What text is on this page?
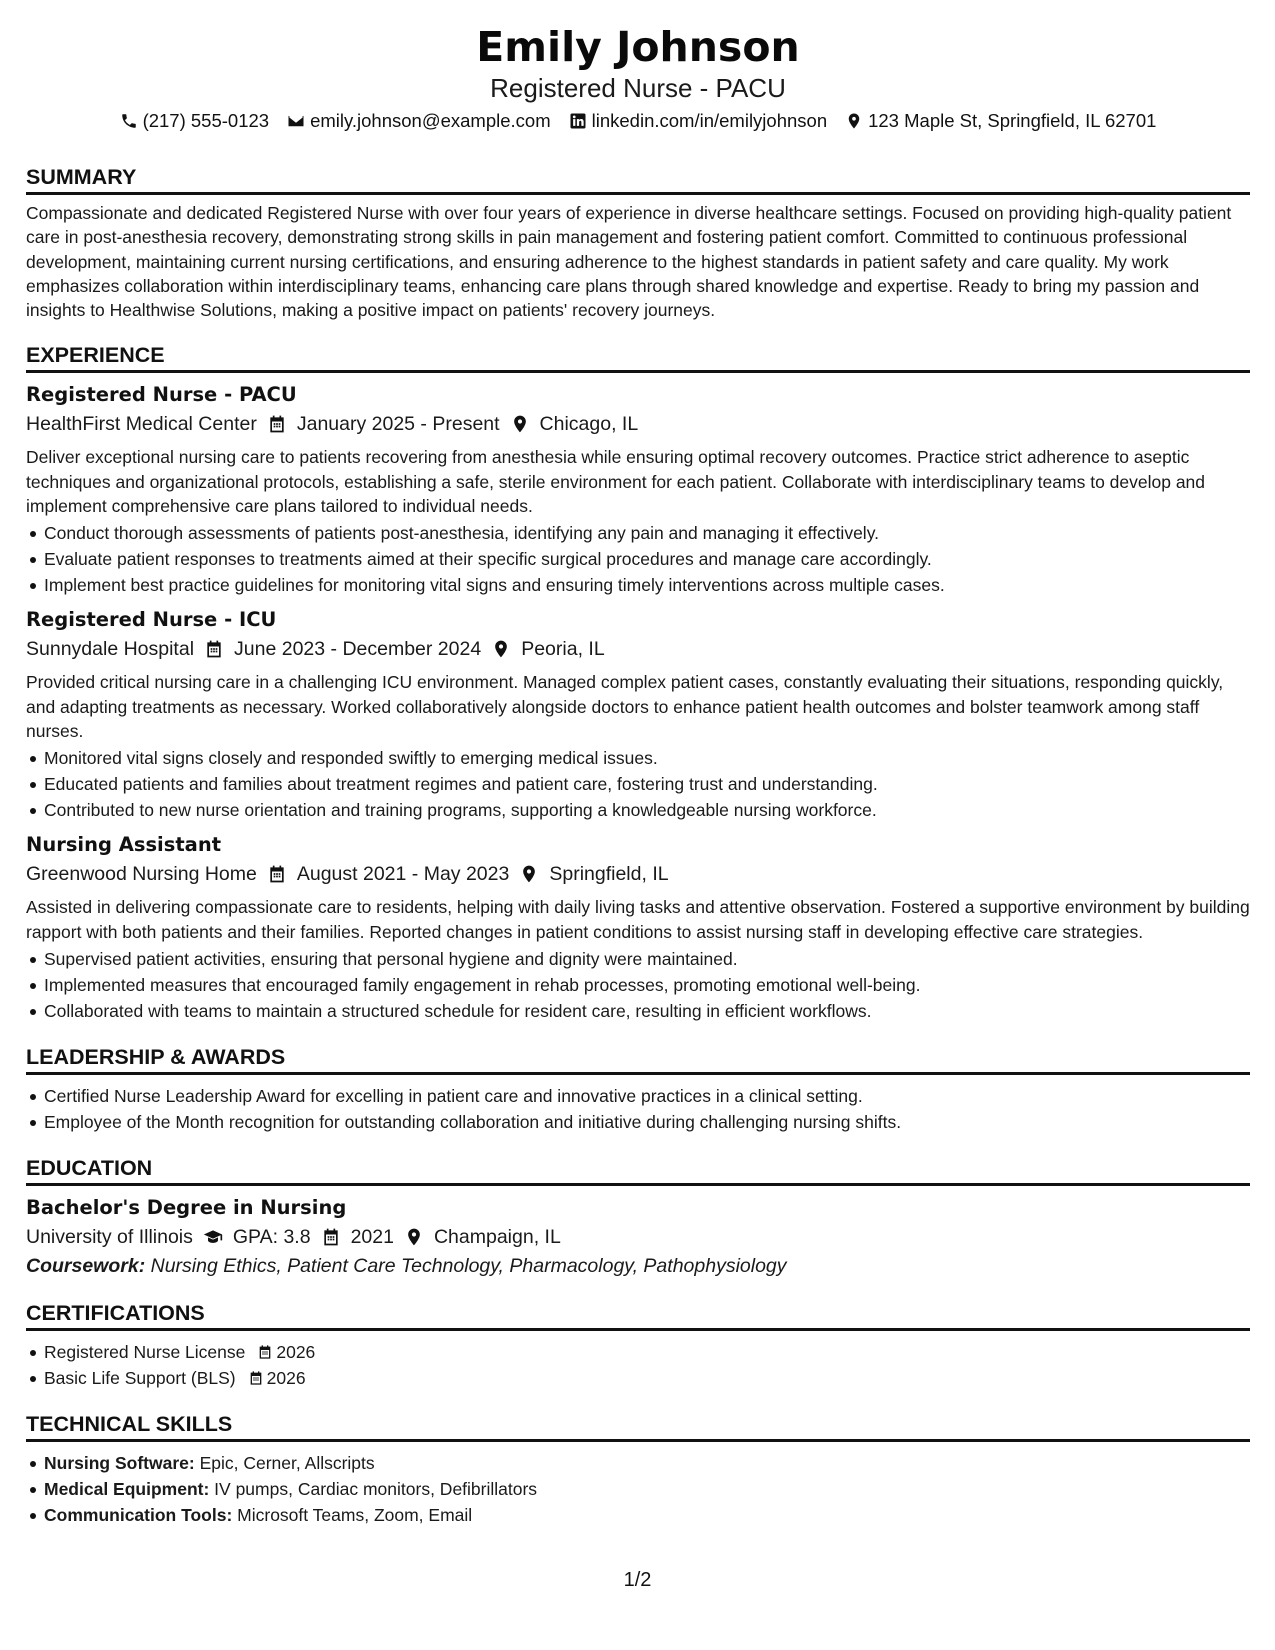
Emily Johnson
Registered Nurse - PACU
(217) 555-0123 emily.johnson@example.com linkedin.com/in/emilyjohnson 123 Maple St, Springfield, IL 62701
SUMMARY
Compassionate and dedicated Registered Nurse with over four years of experience in diverse healthcare settings. Focused on providing high-quality patient care in post-anesthesia recovery, demonstrating strong skills in pain management and fostering patient comfort. Committed to continuous professional development, maintaining current nursing certifications, and ensuring adherence to the highest standards in patient safety and care quality. My work emphasizes collaboration within interdisciplinary teams, enhancing care plans through shared knowledge and expertise. Ready to bring my passion and insights to Healthwise Solutions, making a positive impact on patients' recovery journeys.
EXPERIENCE
Registered Nurse - PACU
HealthFirst Medical Center January 2025 - Present Chicago, IL
Deliver exceptional nursing care to patients recovering from anesthesia while ensuring optimal recovery outcomes. Practice strict adherence to aseptic techniques and organizational protocols, establishing a safe, sterile environment for each patient. Collaborate with interdisciplinary teams to develop and implement comprehensive care plans tailored to individual needs.
Conduct thorough assessments of patients post-anesthesia, identifying any pain and managing it effectively.
Evaluate patient responses to treatments aimed at their specific surgical procedures and manage care accordingly.
Implement best practice guidelines for monitoring vital signs and ensuring timely interventions across multiple cases.
Registered Nurse - ICU
Sunnydale Hospital June 2023 - December 2024 Peoria, IL
Provided critical nursing care in a challenging ICU environment. Managed complex patient cases, constantly evaluating their situations, responding quickly, and adapting treatments as necessary. Worked collaboratively alongside doctors to enhance patient health outcomes and bolster teamwork among staff nurses.
Monitored vital signs closely and responded swiftly to emerging medical issues.
Educated patients and families about treatment regimes and patient care, fostering trust and understanding.
Contributed to new nurse orientation and training programs, supporting a knowledgeable nursing workforce.
Nursing Assistant
Greenwood Nursing Home August 2021 - May 2023 Springfield, IL
Assisted in delivering compassionate care to residents, helping with daily living tasks and attentive observation. Fostered a supportive environment by building rapport with both patients and their families. Reported changes in patient conditions to assist nursing staff in developing effective care strategies.
Supervised patient activities, ensuring that personal hygiene and dignity were maintained.
Implemented measures that encouraged family engagement in rehab processes, promoting emotional well-being.
Collaborated with teams to maintain a structured schedule for resident care, resulting in efficient workflows.
LEADERSHIP & AWARDS
Certified Nurse Leadership Award for excelling in patient care and innovative practices in a clinical setting.
Employee of the Month recognition for outstanding collaboration and initiative during challenging nursing shifts.
EDUCATION
Bachelor's Degree in Nursing
University of Illinois GPA: 3.8 2021 Champaign, IL
Coursework: Nursing Ethics, Patient Care Technology, Pharmacology, Pathophysiology
CERTIFICATIONS
Registered Nurse License 2026
Basic Life Support (BLS) 2026
TECHNICAL SKILLS
Nursing Software: Epic, Cerner, Allscripts
Medical Equipment: IV pumps, Cardiac monitors, Defibrillators
Communication Tools: Microsoft Teams, Zoom, Email
1/2
